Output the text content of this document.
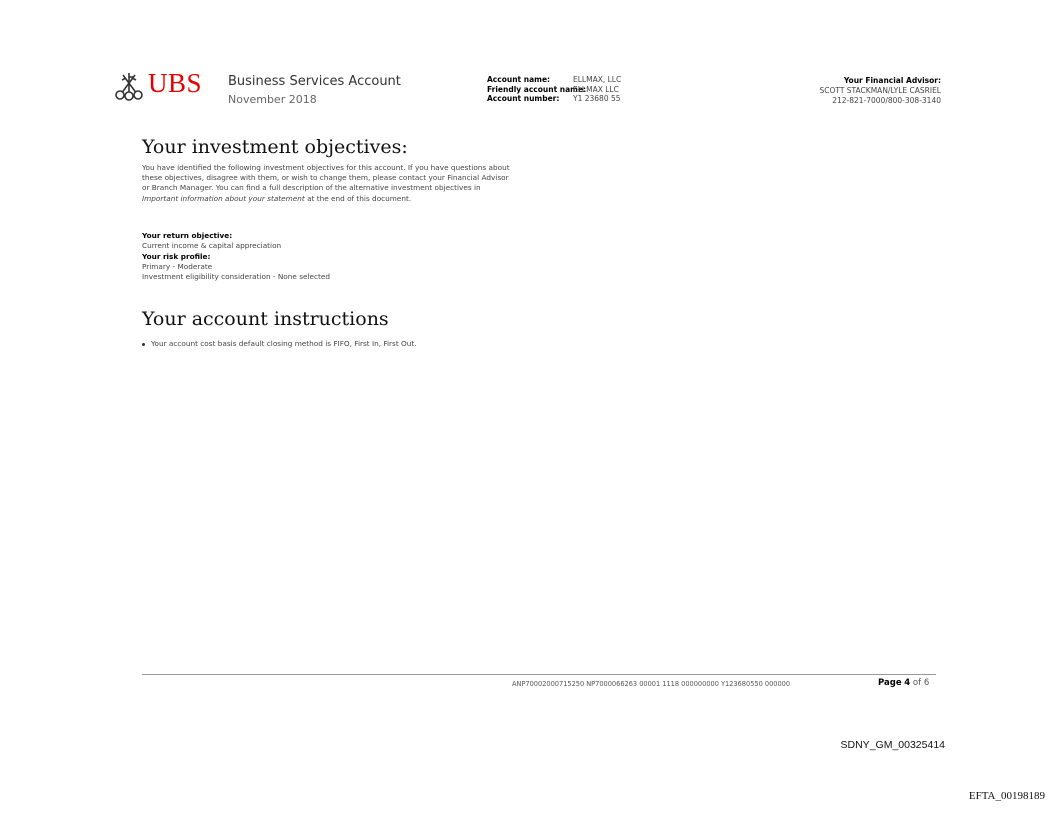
UBS Business Services Account
November 2018
Account name:	ELLMAX, LLC
Friendly account name:
ELLMAX LLC
Account number: Y1 23680 55
Your Financial Advisor:
SCOTT STACKMAN/LYLE CASRIEL
212-821-7000/800-308-3140
Your investment objectives:
You have identified the following investment objectives for this account. If you have questions about these objectives, disagree with them, or wish to change them, please contact your Financial Advisor or Branch Manager. You can find a full description of the alternative investment objectives in Important information about your statement at the end of this document.
Your return objective:
Current income & capital appreciation
Your risk profile:
Primary - Moderate
Investment eligibility consideration - None selected
Your account instructions
Your account cost basis default closing method is FIFO, First In, First Out.
ANP70002000715250 NP7000066263 00001 1118 000000000 Y123680550 000000	Page 4 of 6
SDNY_GM_00325414
EFTA_00198189
